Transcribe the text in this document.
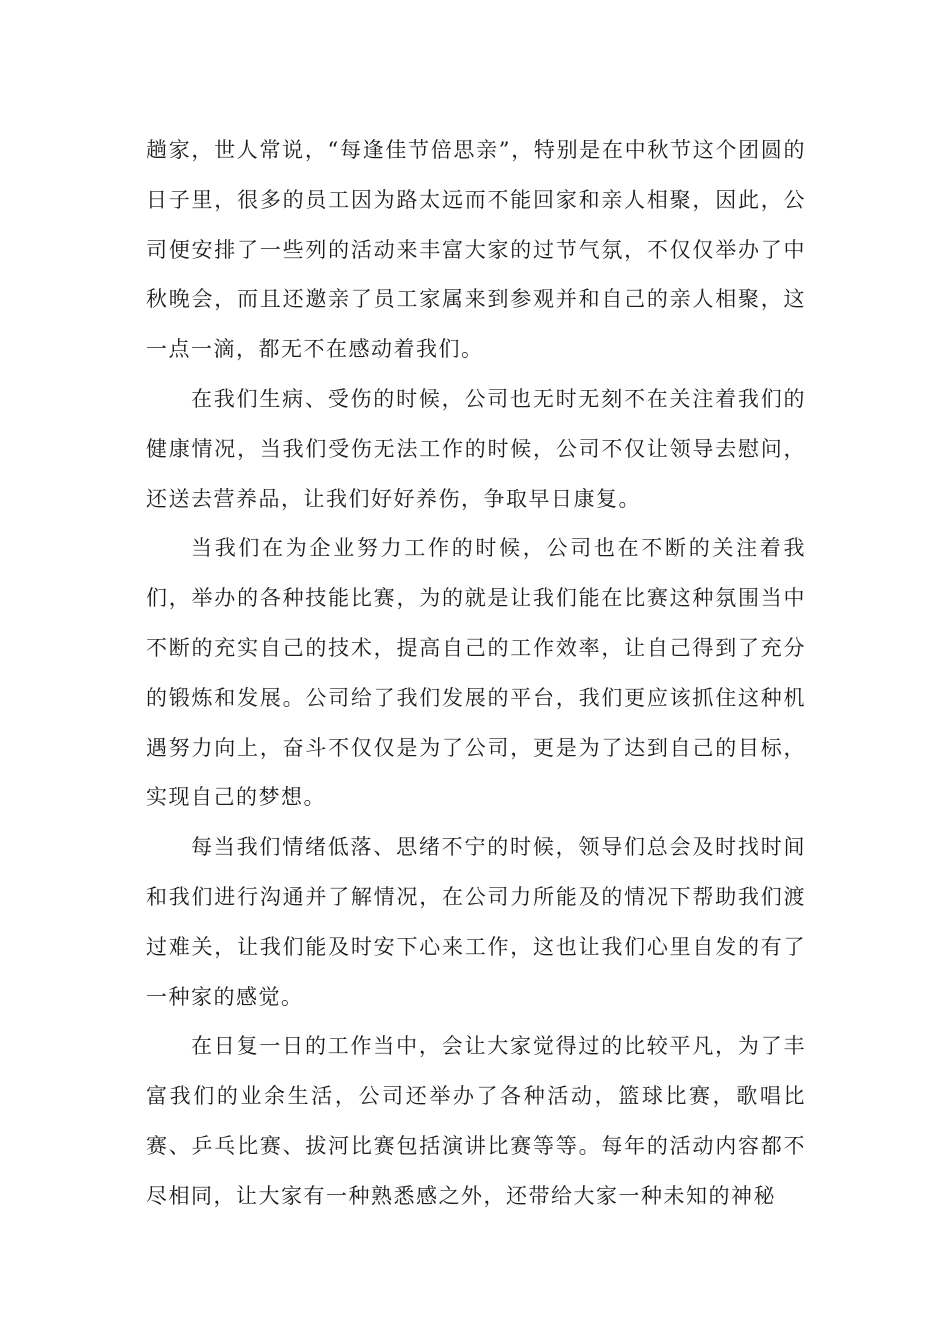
趟家，世人常说，“每逢佳节倍思亲”，特别是在中秋节这个团圆的日子里，很多的员工因为路太远而不能回家和亲人相聚，因此，公司便安排了一些列的活动来丰富大家的过节气氛，不仅仅举办了中秋晚会，而且还邀亲了员工家属来到参观并和自己的亲人相聚，这一点一滴，都无不在感动着我们。

在我们生病、受伤的时候，公司也无时无刻不在关注着我们的健康情况，当我们受伤无法工作的时候，公司不仅让领导去慰问，还送去营养品，让我们好好养伤，争取早日康复。

当我们在为企业努力工作的时候，公司也在不断的关注着我们，举办的各种技能比赛，为的就是让我们能在比赛这种氛围当中不断的充实自己的技术，提高自己的工作效率，让自己得到了充分的锻炼和发展。公司给了我们发展的平台，我们更应该抓住这种机遇努力向上，奋斗不仅仅是为了公司，更是为了达到自己的目标，实现自己的梦想。

每当我们情绪低落、思绪不宁的时候，领导们总会及时找时间和我们进行沟通并了解情况，在公司力所能及的情况下帮助我们渡过难关，让我们能及时安下心来工作，这也让我们心里自发的有了一种家的感觉。

在日复一日的工作当中，会让大家觉得过的比较平凡，为了丰富我们的业余生活，公司还举办了各种活动，篮球比赛，歌唱比赛、乒乓比赛、拔河比赛包括演讲比赛等等。每年的活动内容都不尽相同，让大家有一种熟悉感之外，还带给大家一种未知的神秘
